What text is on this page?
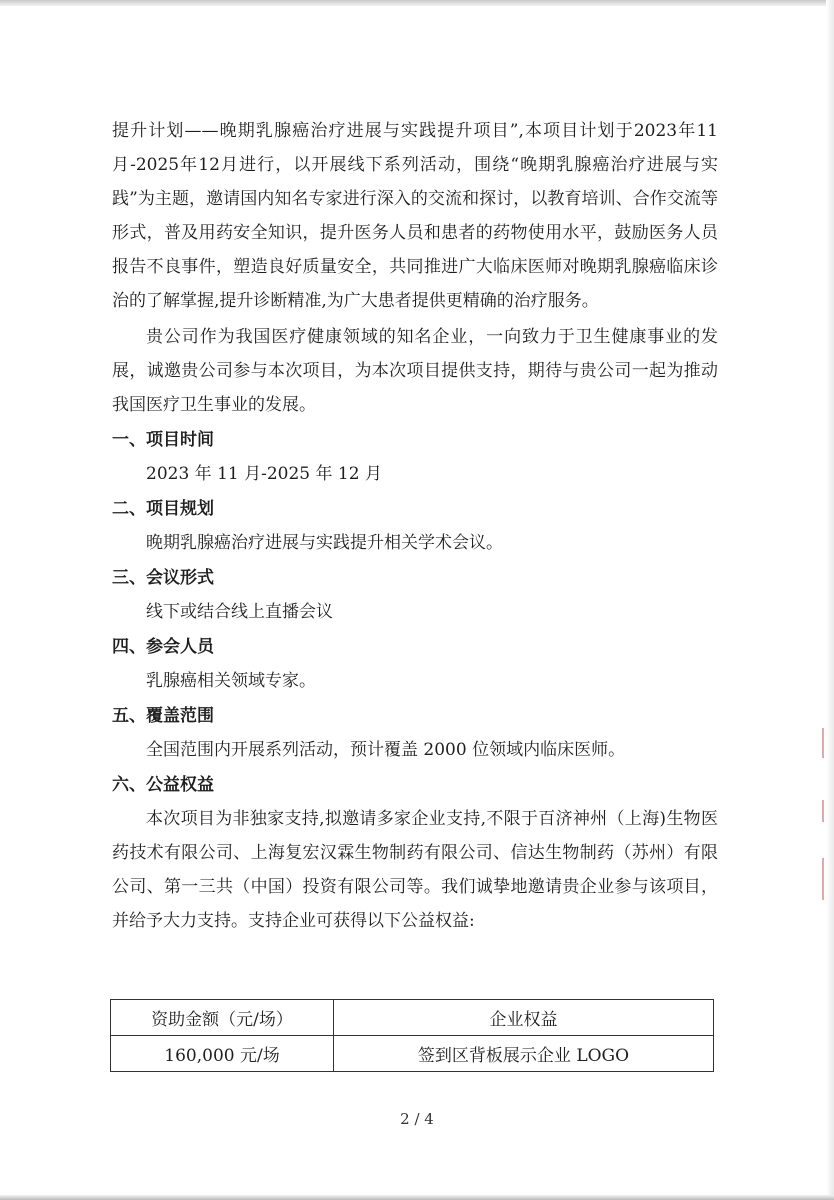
提升计划——晚期乳腺癌治疗进展与实践提升项目”,本项目计划于2023年11月-2025年12月进行，以开展线下系列活动，围绕“晚期乳腺癌治疗进展与实践”为主题，邀请国内知名专家进行深入的交流和探讨，以教育培训、合作交流等形式，普及用药安全知识，提升医务人员和患者的药物使用水平，鼓励医务人员报告不良事件，塑造良好质量安全，共同推进广大临床医师对晚期乳腺癌临床诊治的了解掌握,提升诊断精准,为广大患者提供更精确的治疗服务。

贵公司作为我国医疗健康领域的知名企业，一向致力于卫生健康事业的发展，诚邀贵公司参与本次项目，为本次项目提供支持，期待与贵公司一起为推动我国医疗卫生事业的发展。

一、项目时间

2023 年 11 月-2025 年 12 月

二、项目规划

晚期乳腺癌治疗进展与实践提升相关学术会议。

三、会议形式

线下或结合线上直播会议

四、参会人员

乳腺癌相关领域专家。

五、覆盖范围

全国范围内开展系列活动，预计覆盖 2000 位领域内临床医师。

六、公益权益

本次项目为非独家支持,拟邀请多家企业支持,不限于百济神州（上海)生物医药技术有限公司、上海复宏汉霖生物制药有限公司、信达生物制药（苏州）有限公司、第一三共（中国）投资有限公司等。我们诚挚地邀请贵企业参与该项目，并给予大力支持。支持企业可获得以下公益权益:

资助金额（元/场）	企业权益
160,000 元/场	签到区背板展示企业 LOGO
2 / 4
